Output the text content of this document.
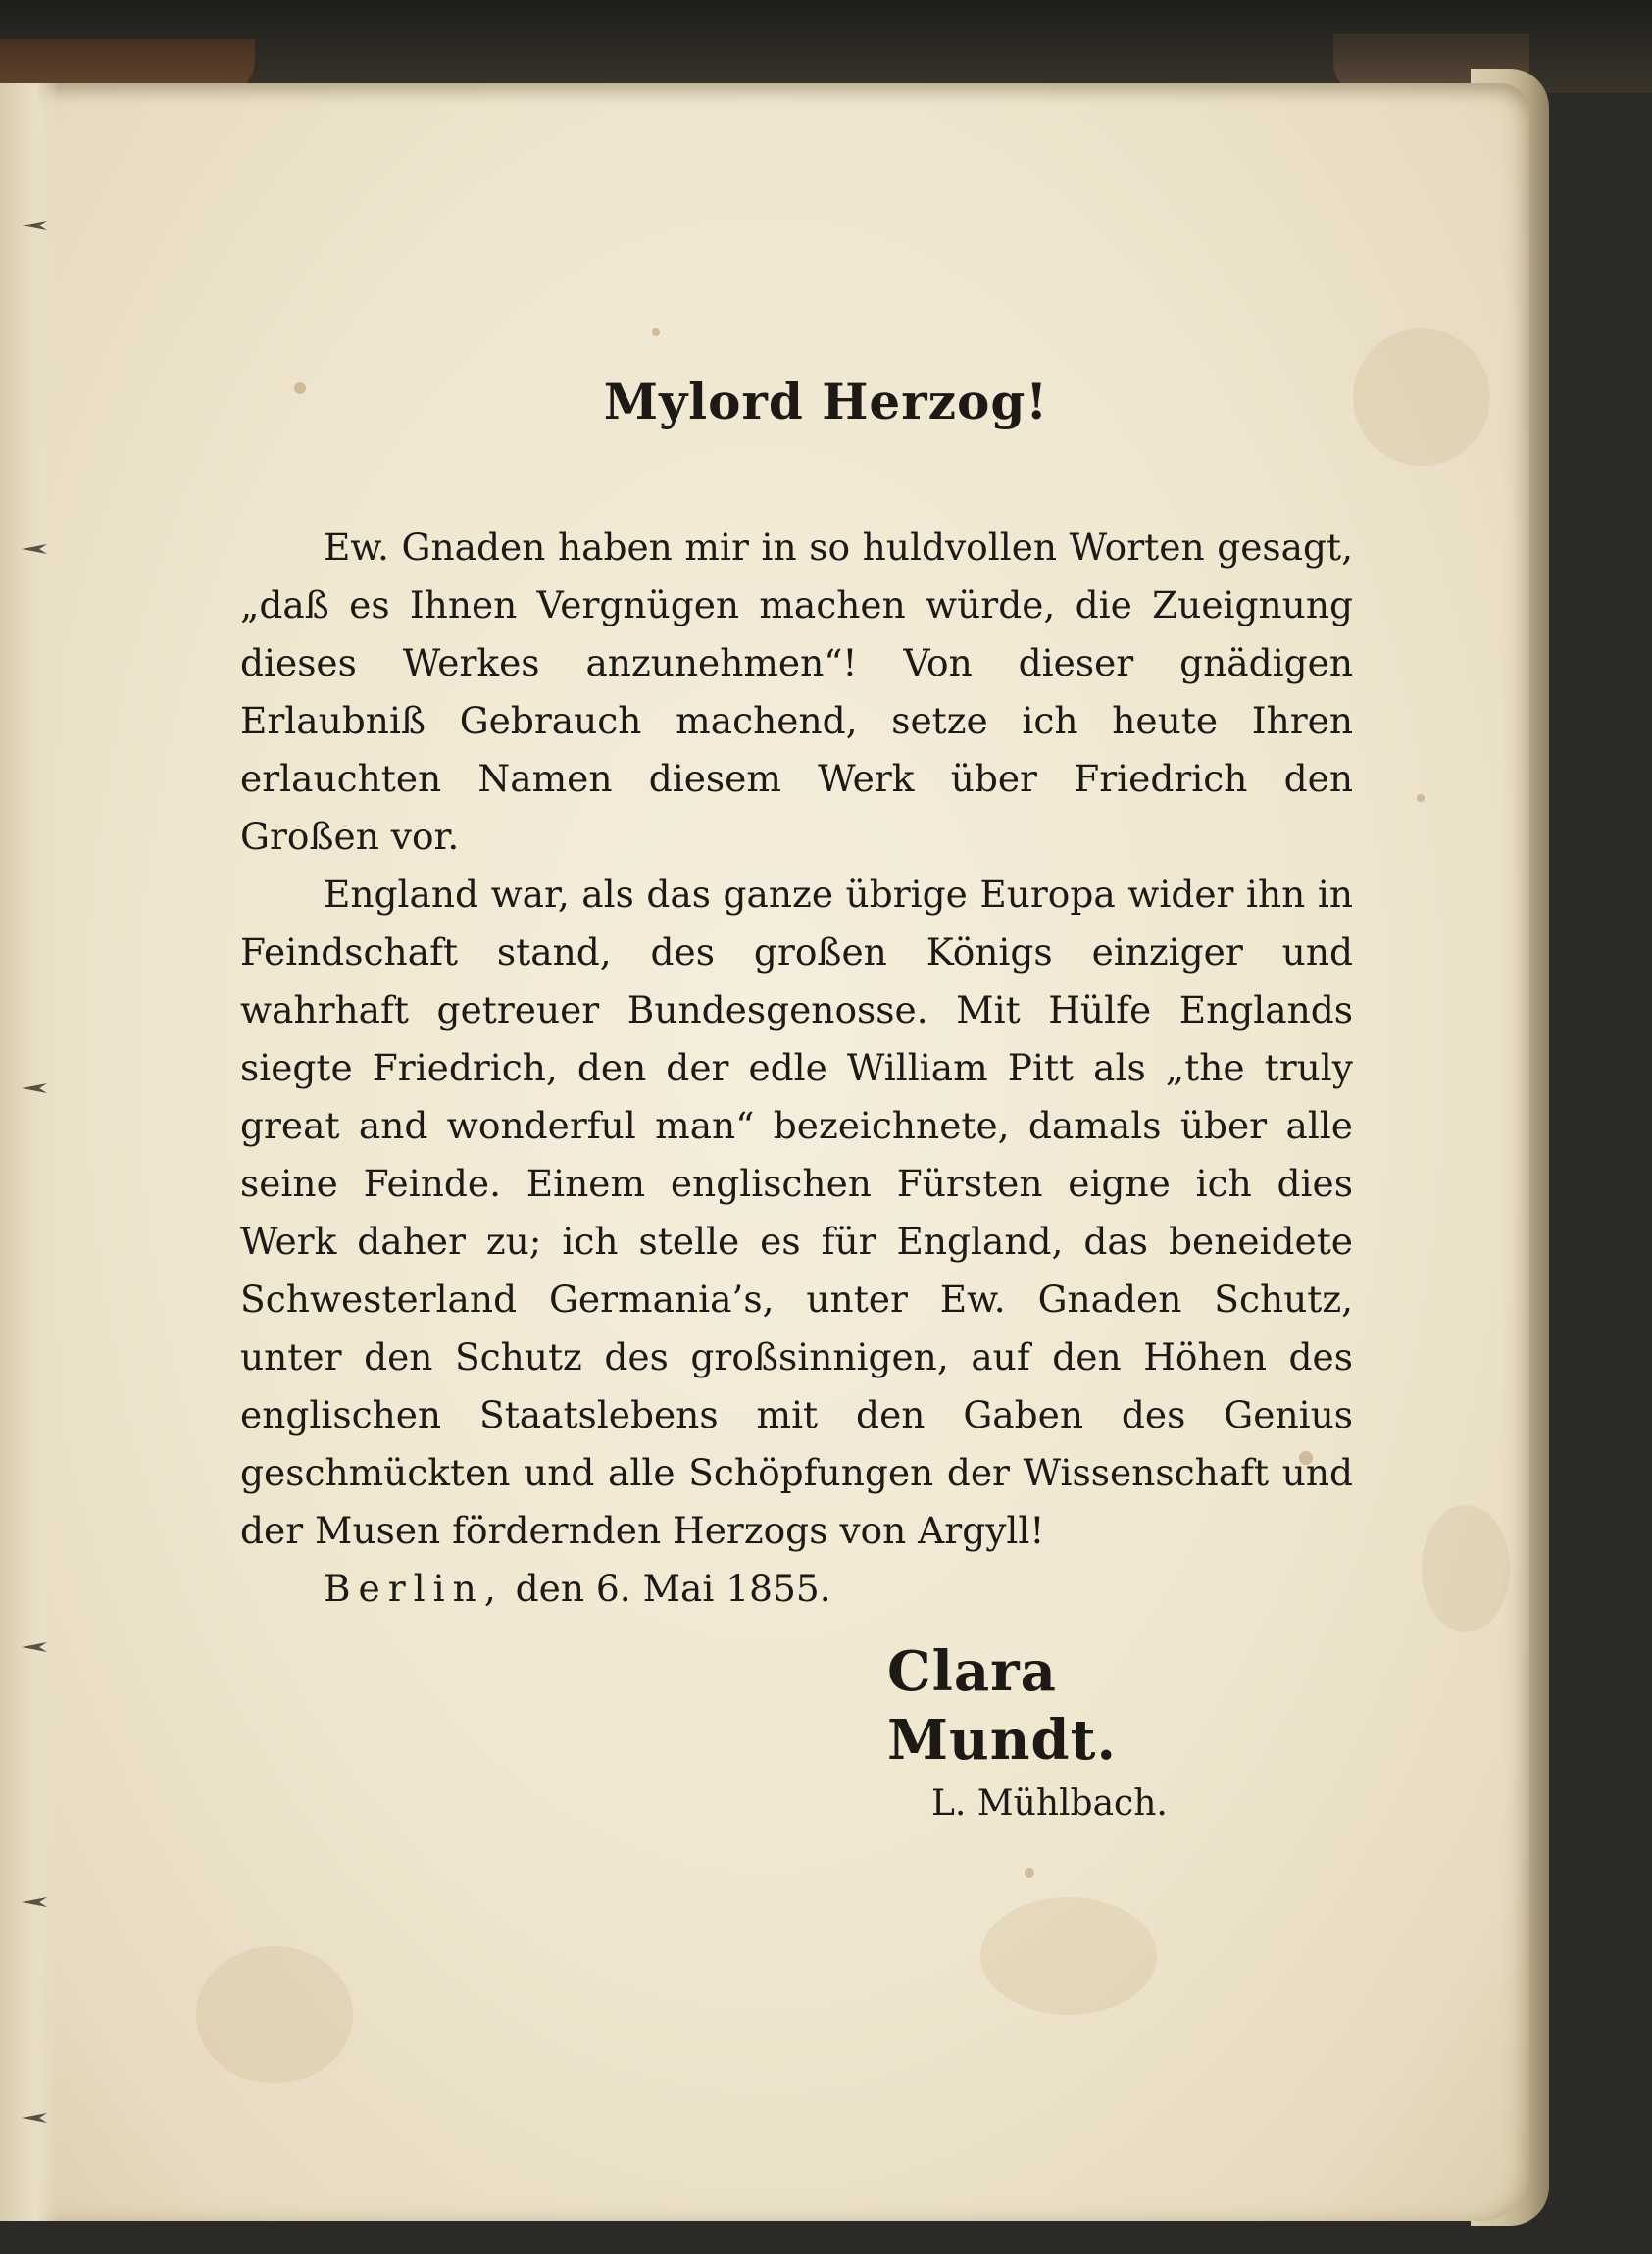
Mylord Herzog!

Ew. Gnaden haben mir in so huldvollen Worten gesagt, „daß es Ihnen Vergnügen machen würde, die Zueignung dieses Werkes anzunehmen“! Von dieser gnädigen Erlaubniß Gebrauch machend, setze ich heute Ihren erlauchten Namen diesem Werk über Friedrich den Großen vor.

England war, als das ganze übrige Europa wider ihn in Feindschaft stand, des großen Königs einziger und wahrhaft getreuer Bundesgenosse. Mit Hülfe Englands siegte Friedrich, den der edle William Pitt als „the truly great and wonderful man“ bezeichnete, damals über alle seine Feinde. Einem englischen Fürsten eigne ich dies Werk daher zu; ich stelle es für England, das beneidete Schwesterland Germania’s, unter Ew. Gnaden Schutz, unter den Schutz des großsinnigen, auf den Höhen des englischen Staatslebens mit den Gaben des Genius geschmückten und alle Schöpfungen der Wissenschaft und der Musen fördernden Herzogs von Argyll!

Berlin, den 6. Mai 1855.

Clara Mundt.
L. Mühlbach.
